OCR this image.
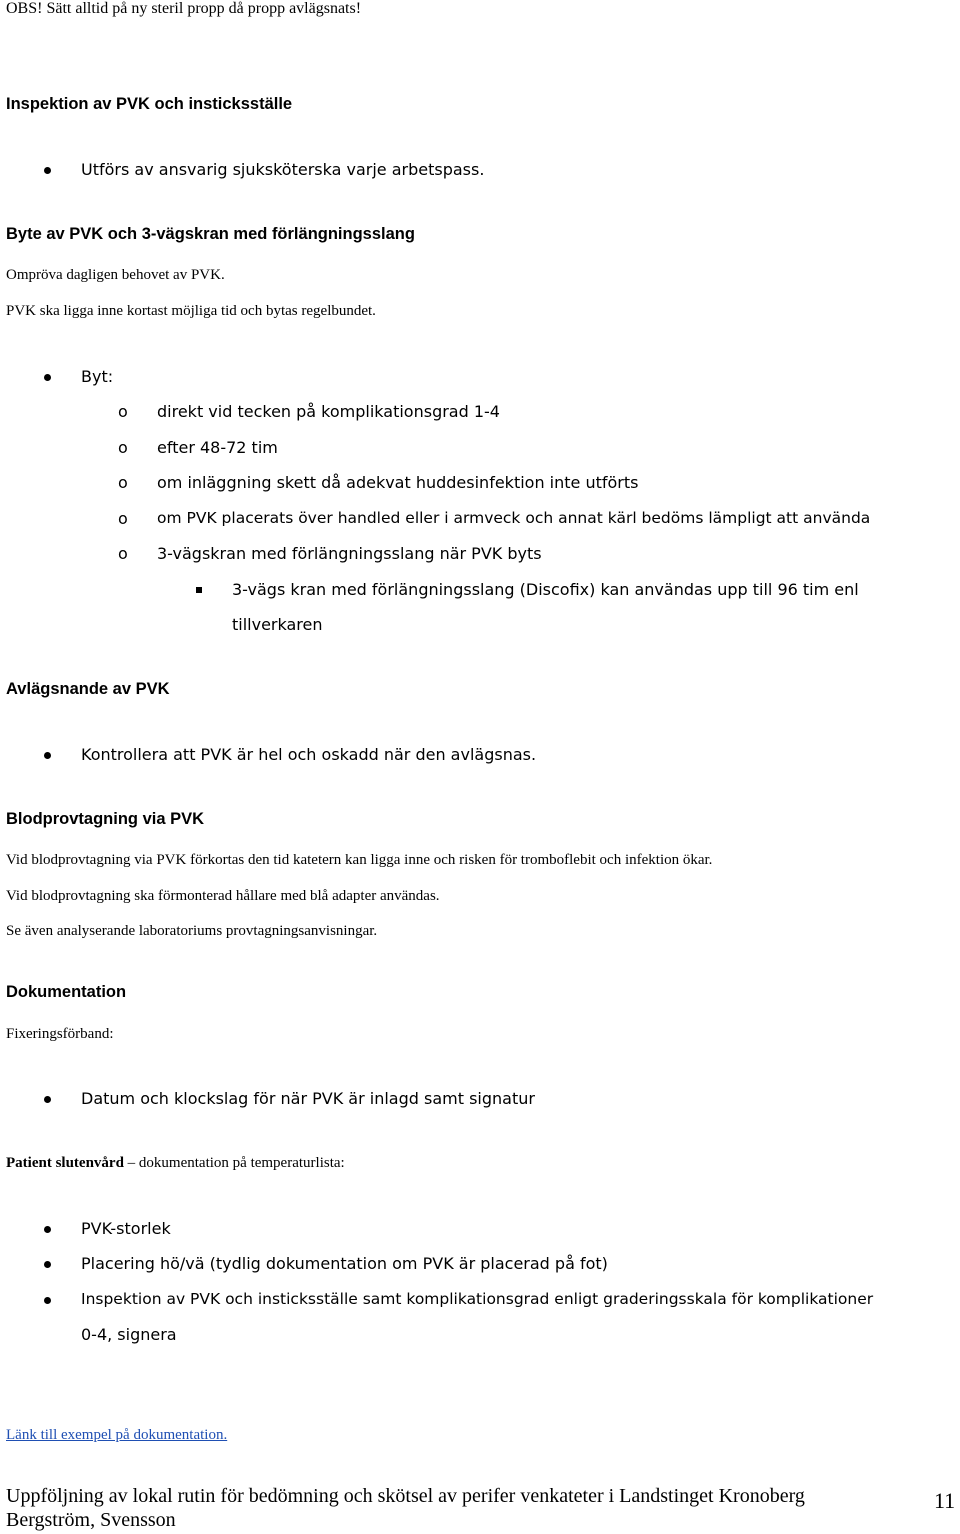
OBS! Sätt alltid på ny steril propp då propp avlägsnats!
Inspektion av PVK och insticksställe
Utförs av ansvarig sjuksköterska varje arbetspass.
Byte av PVK och 3-vägskran med förlängningsslang
Ompröva dagligen behovet av PVK.
PVK ska ligga inne kortast möjliga tid och bytas regelbundet.
Byt:
o direkt vid tecken på komplikationsgrad 1-4
o efter 48-72 tim
o om inläggning skett då adekvat huddesinfektion inte utförts
o om PVK placerats över handled eller i armveck och annat kärl bedöms lämpligt att använda
o 3-vägskran med förlängningsslang när PVK byts
3-vägs kran med förlängningsslang (Discofix) kan användas upp till 96 tim enl
tillverkaren
Avlägsnande av PVK
Kontrollera att PVK är hel och oskadd när den avlägsnas.
Blodprovtagning via PVK
Vid blodprovtagning via PVK förkortas den tid katetern kan ligga inne och risken för tromboflebit och infektion ökar.
Vid blodprovtagning ska förmonterad hållare med blå adapter användas.
Se även analyserande laboratoriums provtagningsanvisningar.
Dokumentation
Fixeringsförband:
Datum och klockslag för när PVK är inlagd samt signatur
Patient slutenvård – dokumentation på temperaturlista:
PVK-storlek
Placering hö/vä (tydlig dokumentation om PVK är placerad på fot)
Inspektion av PVK och insticksställe samt komplikationsgrad enligt graderingsskala för komplikationer
0-4, signera
Länk till exempel på dokumentation.
Uppföljning av lokal rutin för bedömning och skötsel av perifer venkateter i Landstinget Kronoberg
Bergström, Svensson
11
